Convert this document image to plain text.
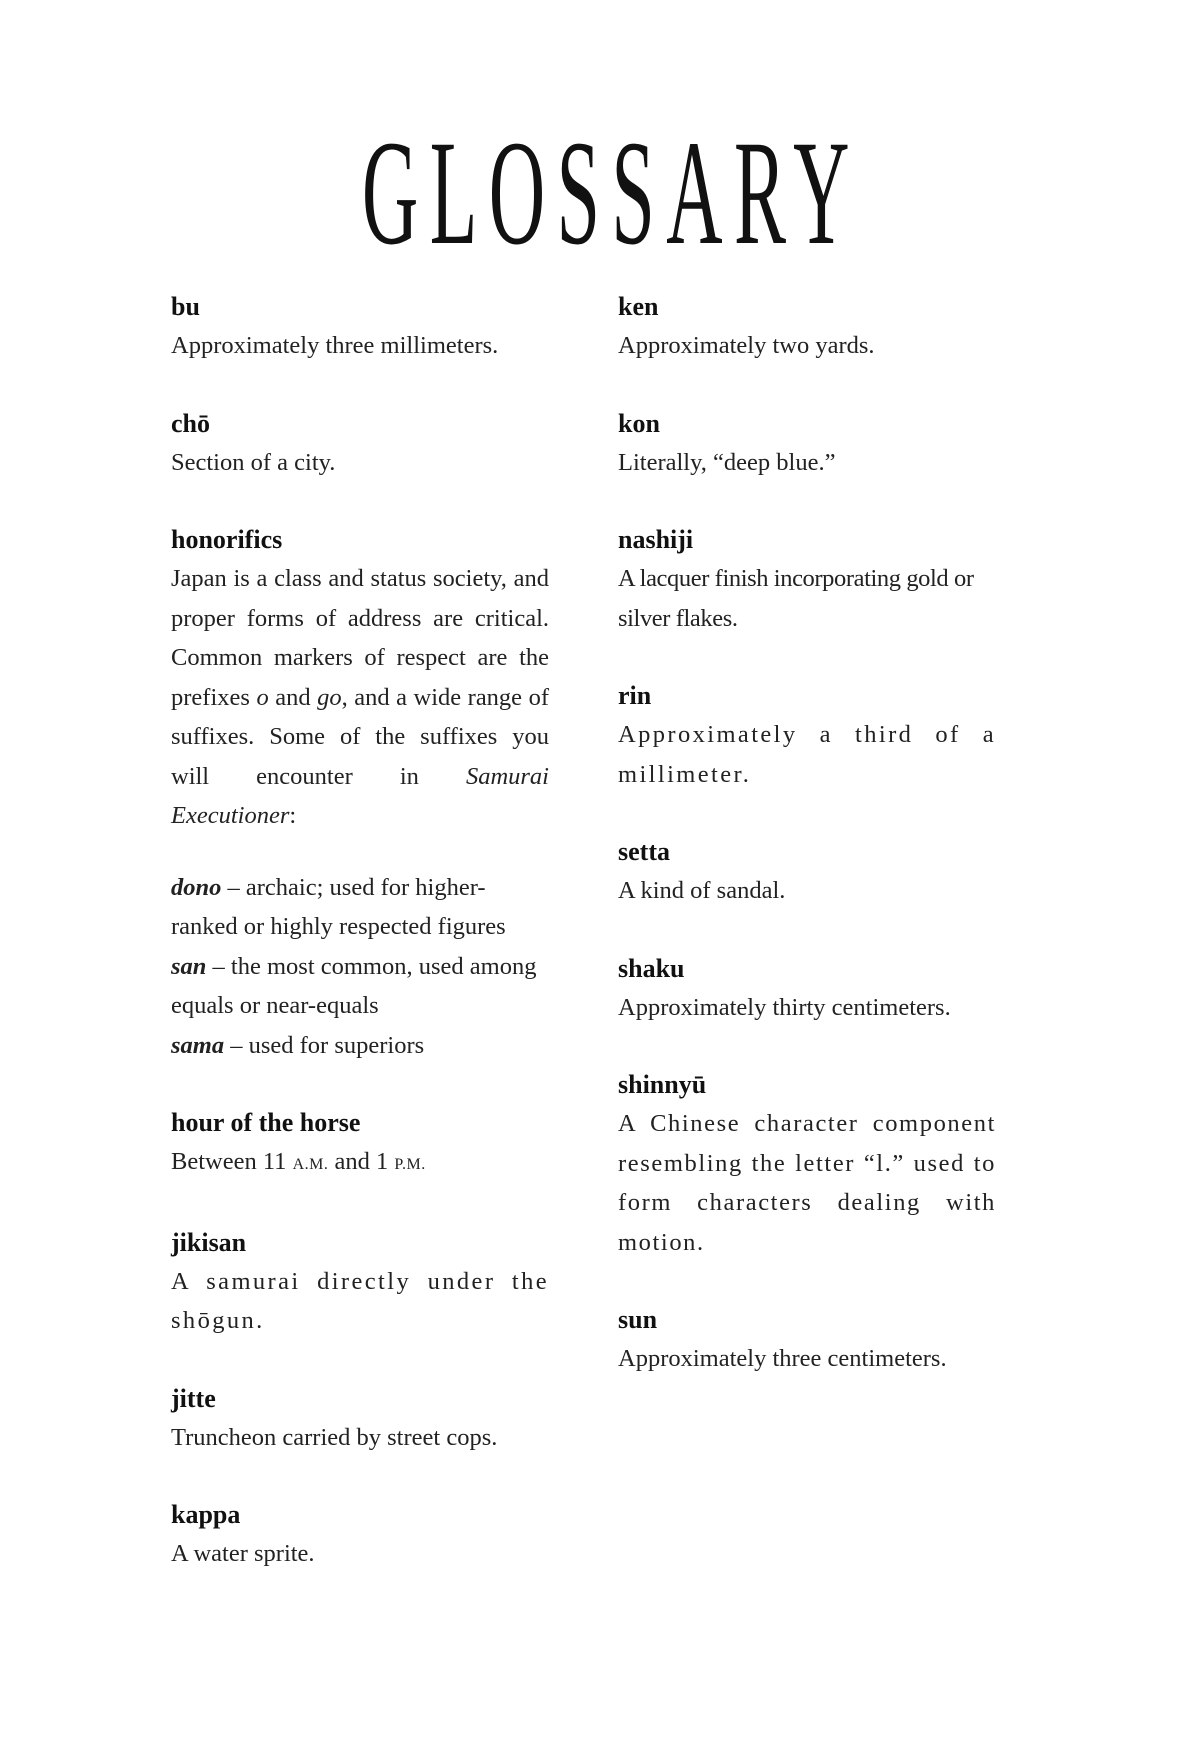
GLOSSARY
bu
Approximately three millimeters.
chō
Section of a city.
honorifics
Japan is a class and status society, and proper forms of address are critical. Common markers of respect are the prefixes o and go, and a wide range of suffixes. Some of the suffixes you will encounter in Samurai Executioner:
dono – archaic; used for higher-ranked or highly respected figures
san – the most common, used among equals or near-equals
sama – used for superiors
hour of the horse
Between 11 A.M. and 1 P.M.
jikisan
A samurai directly under the shōgun.
jitte
Truncheon carried by street cops.
kappa
A water sprite.
ken
Approximately two yards.
kon
Literally, “deep blue.”
nashiji
A lacquer finish incorporating gold or silver flakes.
rin
Approximately a third of a millimeter.
setta
A kind of sandal.
shaku
Approximately thirty centimeters.
shinnyū
A Chinese character component resembling the letter “l.” used to form characters dealing with motion.
sun
Approximately three centimeters.
